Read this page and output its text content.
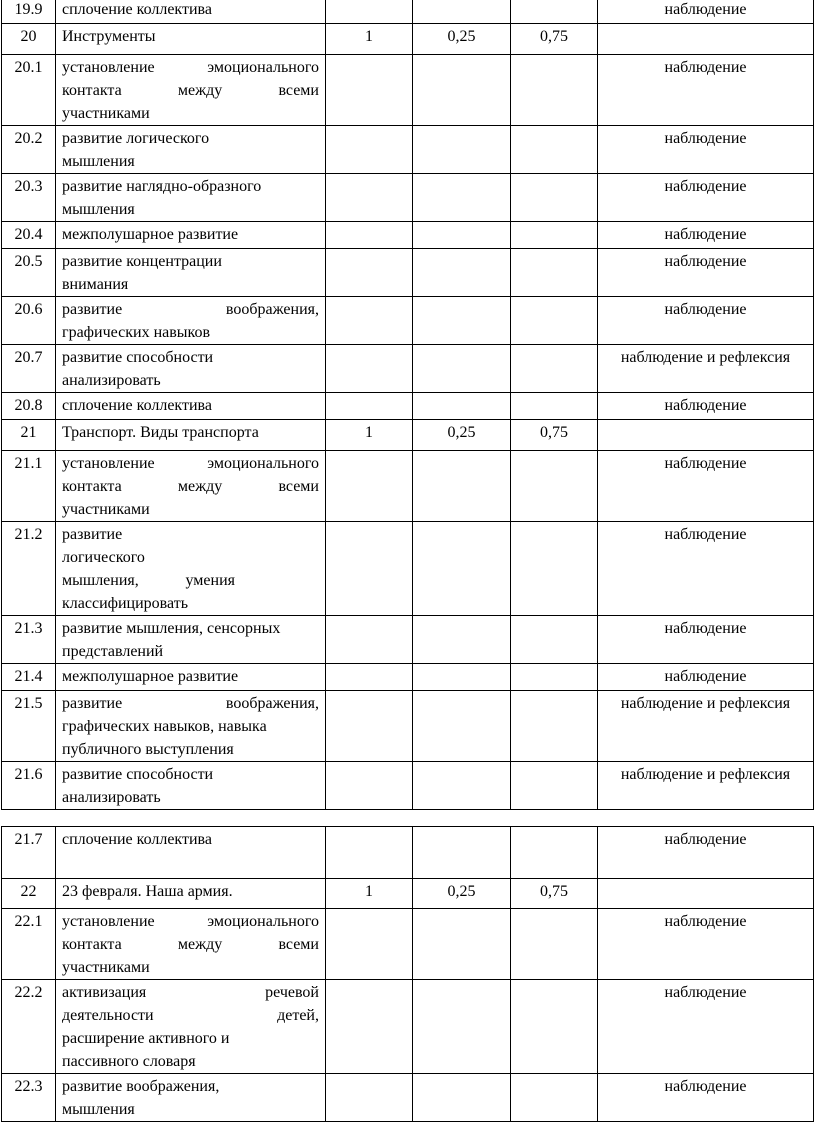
19.9	сплочение коллектива				наблюдение
20	Инструменты	1	0,25	0,75	
20.1	установление эмоционального
контакта между всеми
участниками				наблюдение
20.2	развитие логического мышления				наблюдение
20.3	развитие наглядно-образного мышления				наблюдение
20.4	межполушарное развитие				наблюдение
20.5	развитие концентрации внимания				наблюдение
20.6	развитие воображения,
графических навыков				наблюдение
20.7	развитие способности анализировать				наблюдение и рефлексия
20.8	сплочение коллектива				наблюдение
21	Транспорт. Виды транспорта	1	0,25	0,75	
21.1	установление эмоционального
контакта между всеми
участниками				наблюдение
21.2	развитие
логического
мышления, умения
классифицировать				наблюдение
21.3	развитие мышления, сенсорных представлений				наблюдение
21.4	межполушарное развитие				наблюдение
21.5	развитие воображения,
графических навыков, навыка
публичного выступления				наблюдение и рефлексия
21.6	развитие способности анализировать				наблюдение и рефлексия
21.7	сплочение коллектива				наблюдение
22	23 февраля. Наша армия.	1	0,25	0,75	
22.1	установление эмоционального
контакта между всеми
участниками				наблюдение
22.2	активизация речевой
деятельности детей,
расширение активного и
пассивного словаря				наблюдение
22.3	развитие воображения, мышления				наблюдение
